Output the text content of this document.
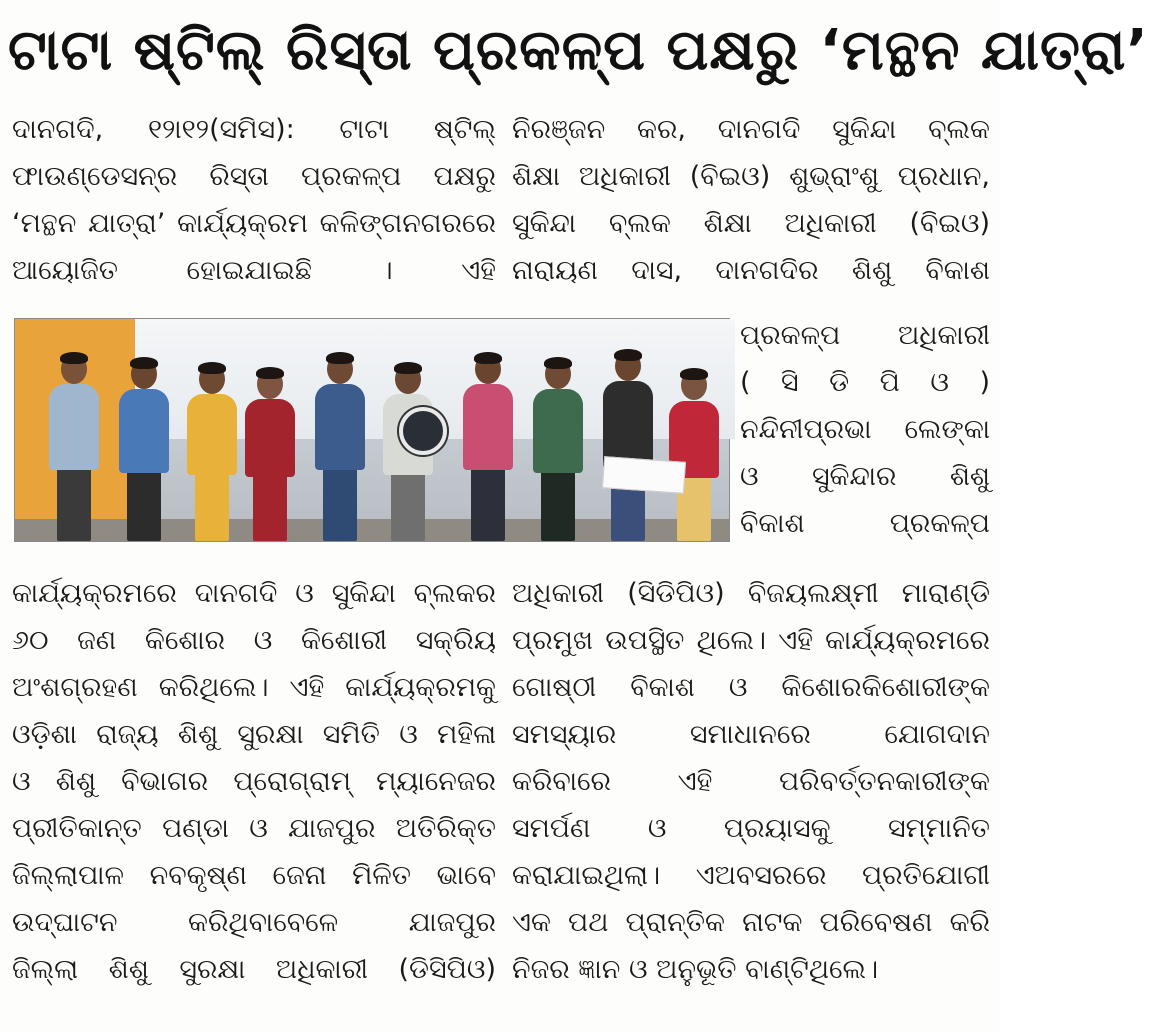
ଟାଟା ଷ୍ଟିଲ୍ ରିସ୍ତା ପ୍ରକଳ୍ପ ପକ୍ଷରୁ ‘ମନ୍ଥନ ଯାତ୍ରା’
ଦାନଗଦି, ୧୨ା୧୨(ସମିସ): ଟାଟା ଷ୍ଟିଲ୍
ଫାଉଣ୍ଡେସନ୍‌ର ରିସ୍ତା ପ୍ରକଳ୍ପ ପକ୍ଷରୁ
‘ମନ୍ଥନ ଯାତ୍ରା’ କାର୍ଯ୍ୟକ୍ରମ କଳିଙ୍ଗନଗରରେ
ଆୟୋଜିତ ହୋଇଯାଇଛି । ଏହି
ନିରଞ୍ଜନ କର, ଦାନଗଦି ସୁକିନ୍ଦା ବ୍ଲକ
ଶିକ୍ଷା ଅଧିକାରୀ (ବିଇଓ) ଶୁଭ୍ରାଂଶୁ ପ୍ରଧାନ,
ସୁକିନ୍ଦା ବ୍ଲକ ଶିକ୍ଷା ଅଧିକାରୀ (ବିଇଓ)
ନାରାୟଣ ଦାସ, ଦାନଗଦିର ଶିଶୁ ବିକାଶ
ପ୍ରକଳ୍ପ ଅଧିକାରୀ
( ସି ଡି ପି ଓ )
ନନ୍ଦିନୀପ୍ରଭା ଲେଙ୍କା
ଓ ସୁକିନ୍ଦାର ଶିଶୁ
ବିକାଶ ପ୍ରକଳ୍ପ
କାର୍ଯ୍ୟକ୍ରମରେ ଦାନଗଦି ଓ ସୁକିନ୍ଦା ବ୍ଲକର
୬୦ ଜଣ କିଶୋର ଓ କିଶୋରୀ ସକ୍ରିୟ
ଅଂଶଗ୍ରହଣ କରିଥିଲେ। ଏହି କାର୍ଯ୍ୟକ୍ରମକୁ
ଓଡ଼ିଶା ରାଜ୍ୟ ଶିଶୁ ସୁରକ୍ଷା ସମିତି ଓ ମହିଳା
ଓ ଶିଶୁ ବିଭାଗର ପ୍ରୋଗ୍ରାମ୍ ମ୍ୟାନେଜର
ପ୍ରୀତିକାନ୍ତ ପଣ୍ଡା ଓ ଯାଜପୁର ଅତିରିକ୍ତ
ଜିଲ୍ଲାପାଳ ନବକୃଷ୍ଣ ଜେନା ମିଳିତ ଭାବେ
ଉଦ୍‌ଘାଟନ କରିଥିବାବେଳେ ଯାଜପୁର
ଜିଲ୍ଲା ଶିଶୁ ସୁରକ୍ଷା ଅଧିକାରୀ (ଡିସିପିଓ)
ଅଧିକାରୀ (ସିଡିପିଓ) ବିଜୟଲକ୍ଷ୍ମୀ ମାରାଣ୍ଡି
ପ୍ରମୁଖ ଉପସ୍ଥିତ ଥିଲେ। ଏହି କାର୍ଯ୍ୟକ୍ରମରେ
ଗୋଷ୍ଠୀ ବିକାଶ ଓ କିଶୋରକିଶୋରୀଙ୍କ
ସମସ୍ୟାର ସମାଧାନରେ ଯୋଗଦାନ
କରିବାରେ ଏହି ପରିବର୍ତ୍ତନକାରୀଙ୍କ
ସମର୍ପଣ ଓ ପ୍ରୟାସକୁ ସମ୍ମାନିତ
କରାଯାଇଥିଲା। ଏଅବସରରେ ପ୍ରତିଯୋଗୀ
ଏକ ପଥ ପ୍ରାନ୍ତିକ ନାଟକ ପରିବେଷଣ କରି
ନିଜର ଜ୍ଞାନ ଓ ଅନୁଭୂତି ବାଣ୍ଟିଥିଲେ।
